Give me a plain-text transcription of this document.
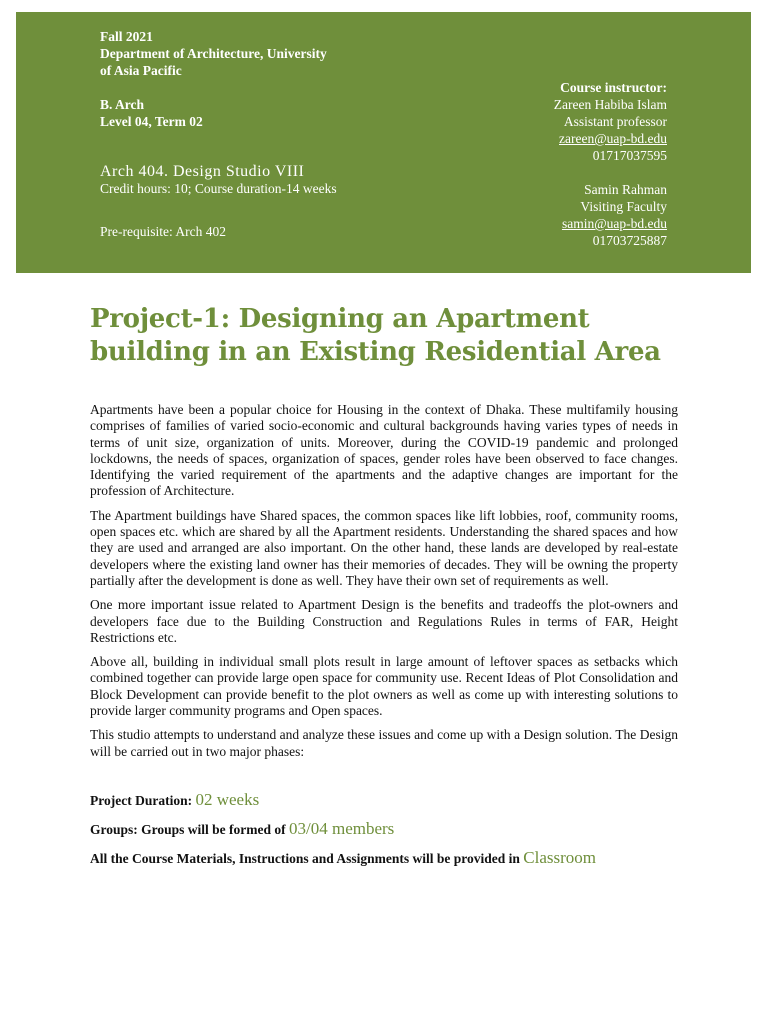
Fall 2021
Department of Architecture, University of Asia Pacific
B. Arch
Level 04, Term 02
Arch 404. Design Studio VIII
Credit hours: 10; Course duration-14 weeks
Pre-requisite: Arch 402
Course instructor:
Zareen Habiba Islam
Assistant professor
zareen@uap-bd.edu
01717037595
Samin Rahman
Visiting Faculty
samin@uap-bd.edu
01703725887
Project-1: Designing an Apartment building in an Existing Residential Area

Apartments have been a popular choice for Housing in the context of Dhaka. These multifamily housing comprises of families of varied socio-economic and cultural backgrounds having varies types of needs in terms of unit size, organization of units. Moreover, during the COVID-19 pandemic and prolonged lockdowns, the needs of spaces, organization of spaces, gender roles have been observed to face changes. Identifying the varied requirement of the apartments and the adaptive changes are important for the profession of Architecture.

The Apartment buildings have Shared spaces, the common spaces like lift lobbies, roof, community rooms, open spaces etc. which are shared by all the Apartment residents. Understanding the shared spaces and how they are used and arranged are also important. On the other hand, these lands are developed by real-estate developers where the existing land owner has their memories of decades. They will be owning the property partially after the development is done as well. They have their own set of requirements as well.

One more important issue related to Apartment Design is the benefits and tradeoffs the plot-owners and developers face due to the Building Construction and Regulations Rules in terms of FAR, Height Restrictions etc.

Above all, building in individual small plots result in large amount of leftover spaces as setbacks which combined together can provide large open space for community use. Recent Ideas of Plot Consolidation and Block Development can provide benefit to the plot owners as well as come up with interesting solutions to provide larger community programs and Open spaces.

This studio attempts to understand and analyze these issues and come up with a Design solution. The Design will be carried out in two major phases:

Project Duration: 02 weeks
Groups: Groups will be formed of 03/04 members
All the Course Materials, Instructions and Assignments will be provided in Classroom
